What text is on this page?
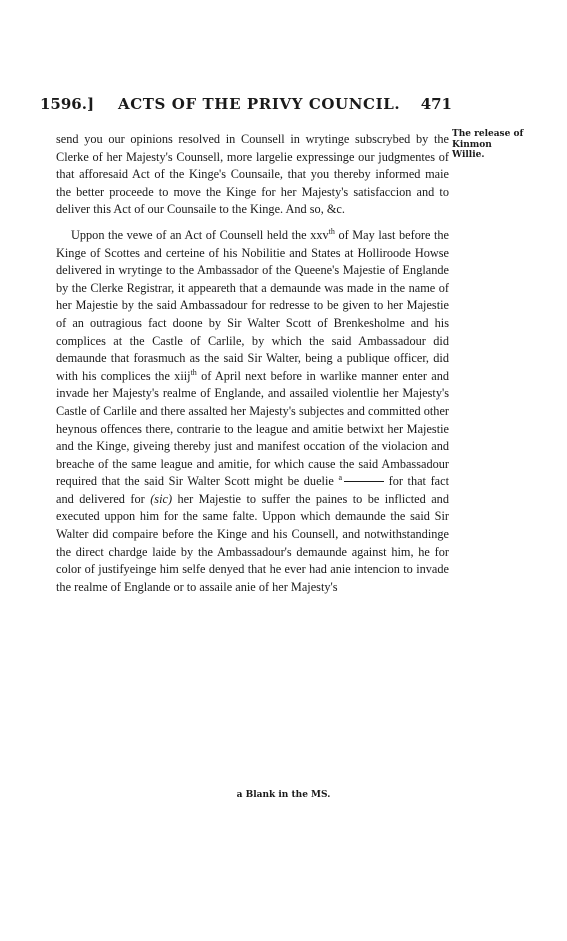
1596.] ACTS OF THE PRIVY COUNCIL. 471
The release of
Kinmon
Willie.

send you our opinions resolved in Counsell in wrytinge subscrybed by the Clerke of her Majesty's Counsell, more largelie expressinge our judgmentes of that afforesaid Act of the Kinge's Counsaile, that you thereby informed maie the better proceede to move the Kinge for her Majesty's satisfaccion and to deliver this Act of our Counsaile to the Kinge. And so, &c.

Uppon the vewe of an Act of Counsell held the xxv$^{th}$ of May last before the Kinge of Scottes and certeine of his Nobilitie and States at Holliroode Howse delivered in wrytinge to the Ambassador of the Queene's Majestie of Englande by the Clerke Registrar, it appeareth that a demaunde was made in the name of her Majestie by the said Ambassadour for redresse to be given to her Majestie of an outragious fact doone by Sir Walter Scott of Brenkesholme and his complices at the Castle of Carlile, by which the said Ambassadour did demaunde that forasmuch as the said Sir Walter, being a publique officer, did with his complices the xiij$^{th}$ of April next before in warlike manner enter and invade her Majesty's realme of Englande, and assailed violentlie her Majesty's Castle of Carlile and there assalted her Majesty's subjectes and committed other heynous offences there, contrarie to the league and amitie betwixt her Majestie and the Kinge, giveing thereby just and manifest occation of the violacion and breache of the same league and amitie, for which cause the said Ambassadour required that the said Sir Walter Scott might be duelie $^a$	for that fact and delivered for (sic) her Majestie to suffer the paines to be inflicted and executed uppon him for the same falte. Uppon which demaunde the said Sir Walter did compaire before the Kinge and his Counsell, and notwithstandinge the direct chardge laide by the Ambassadour's demaunde against him, he for color of justifyeinge him selfe denyed that he ever had anie intencion to invade the realme of Englande or to assaile anie of her Majesty's

a Blank in the MS.
